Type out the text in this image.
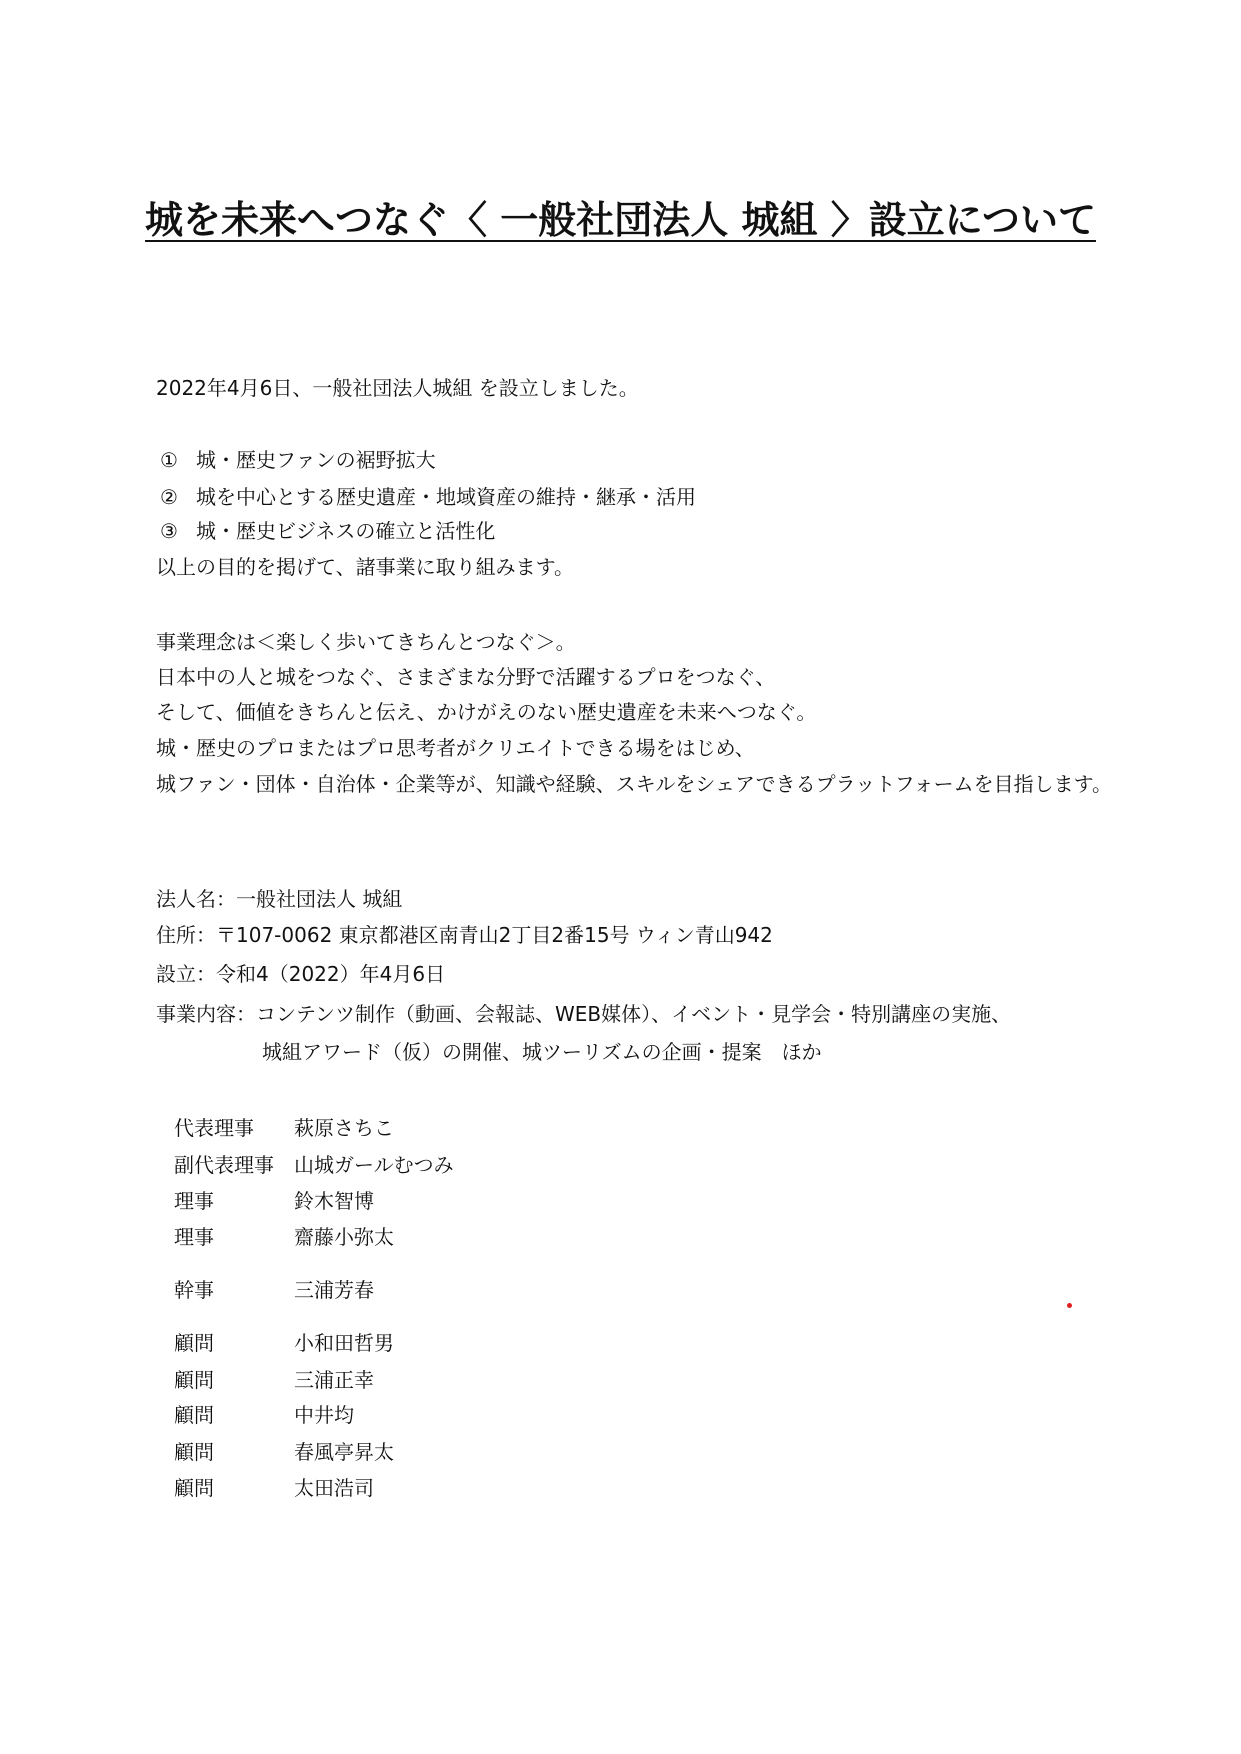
城を未来へつなぐ〈 一般社団法人 城組 〉設立について

2022年4月6日、一般社団法人城組 を設立しました。

① 城・歴史ファンの裾野拡大

② 城を中心とする歴史遺産・地域資産の維持・継承・活用

③ 城・歴史ビジネスの確立と活性化

以上の目的を掲げて、諸事業に取り組みます。

事業理念は＜楽しく歩いてきちんとつなぐ＞。

日本中の人と城をつなぐ、さまざまな分野で活躍するプロをつなぐ、

そして、価値をきちんと伝え、かけがえのない歴史遺産を未来へつなぐ。

城・歴史のプロまたはプロ思考者がクリエイトできる場をはじめ、

城ファン・団体・自治体・企業等が、知識や経験、スキルをシェアできるプラットフォームを目指します。

法人名：一般社団法人 城組

住所：〒107-0062 東京都港区南青山2丁目2番15号 ウィン青山942

設立：令和4（2022）年4月6日

事業内容：コンテンツ制作（動画、会報誌、WEB媒体）、イベント・見学会・特別講座の実施、

城組アワード（仮）の開催、城ツーリズムの企画・提案　ほか

代表理事 萩原さちこ
副代表理事 山城ガールむつみ
理事	鈴木智博
理事	齋藤小弥太
幹事	三浦芳春
顧問	小和田哲男
顧問	三浦正幸
顧問	中井均
顧問	春風亭昇太
顧問	太田浩司
